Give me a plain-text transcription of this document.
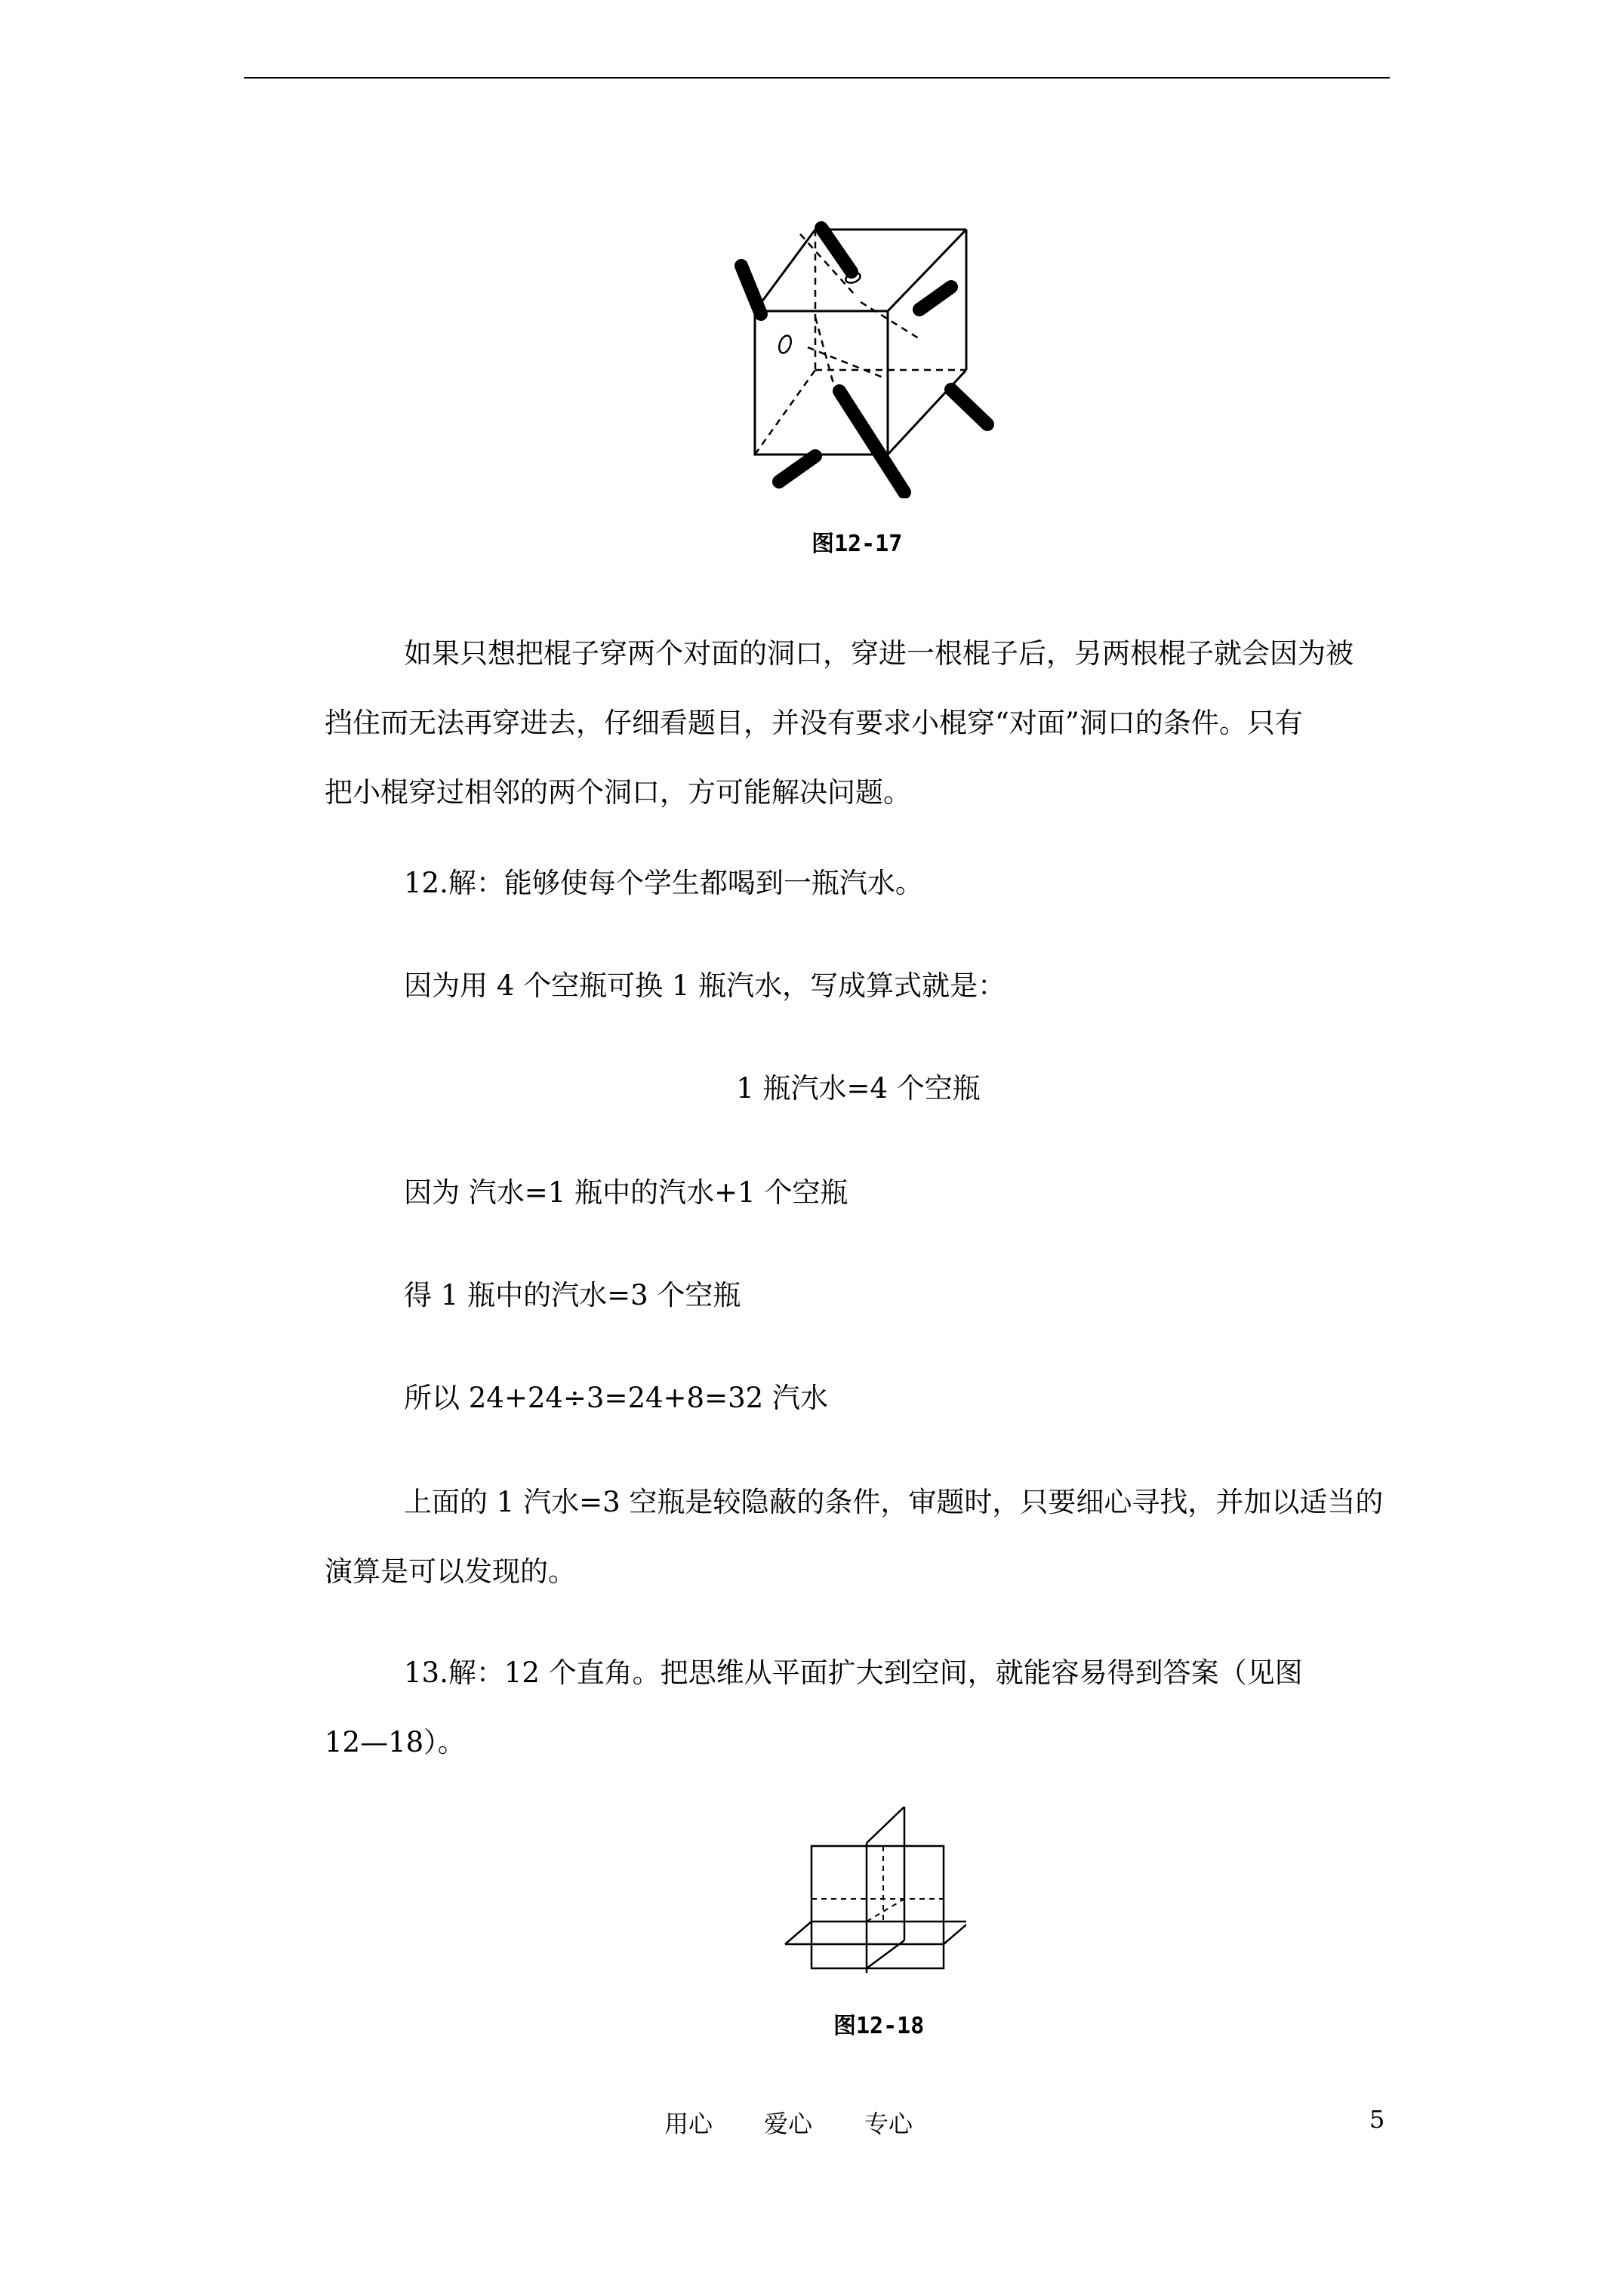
图12-17

如果只想把棍子穿两个对面的洞口，穿进一根棍子后，另两根棍子就会因为被

挡住而无法再穿进去，仔细看题目，并没有要求小棍穿“对面”洞口的条件。只有

把小棍穿过相邻的两个洞口，方可能解决问题。

12.解：能够使每个学生都喝到一瓶汽水。

因为用 4 个空瓶可换 1 瓶汽水，写成算式就是：

1 瓶汽水=4 个空瓶

因为 汽水=1 瓶中的汽水+1 个空瓶

得 1 瓶中的汽水=3 个空瓶

所以 24+24÷3=24+8=32 汽水

上面的 1 汽水=3 空瓶是较隐蔽的条件，审题时，只要细心寻找，并加以适当的

演算是可以发现的。

13.解：12 个直角。把思维从平面扩大到空间，就能容易得到答案（见图

12—18）。

图12-18
用心 爱心 专心	5
